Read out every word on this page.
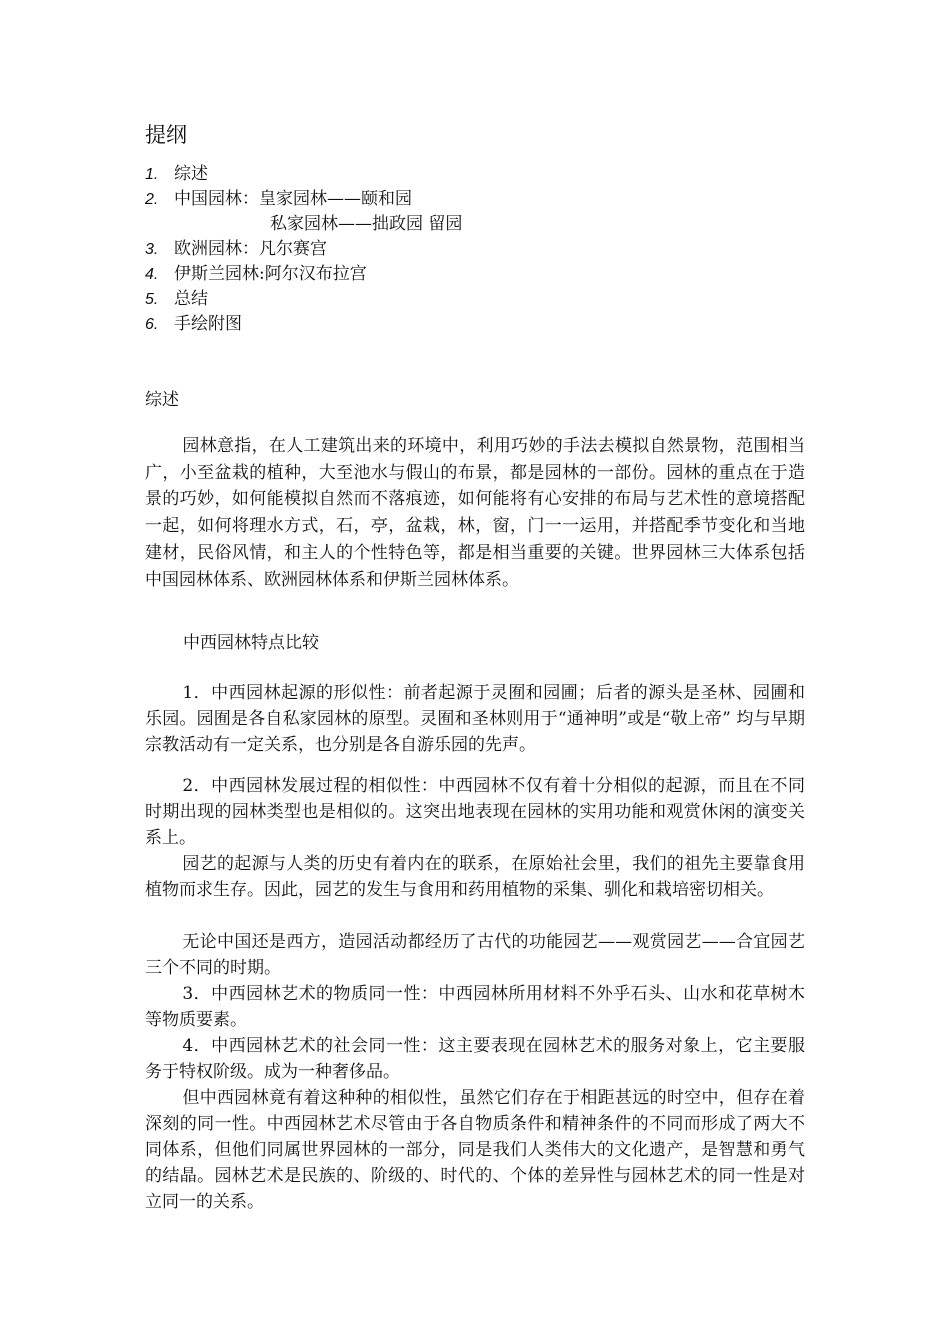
提纲
1. 综述
2. 中国园林：皇家园林——颐和园
私家园林——拙政园 留园
3. 欧洲园林：凡尔赛宫
4. 伊斯兰园林:阿尔汉布拉宫
5. 总结
6. 手绘附图
综述

园林意指，在人工建筑出来的环境中，利用巧妙的手法去模拟自然景物，范围相当广，小至盆栽的植种，大至池水与假山的布景，都是园林的一部份。园林的重点在于造景的巧妙，如何能模拟自然而不落痕迹，如何能将有心安排的布局与艺术性的意境搭配一起，如何将理水方式，石，亭，盆栽，林，窗，门一一运用，并搭配季节变化和当地建材，民俗风情，和主人的个性特色等，都是相当重要的关键。世界园林三大体系包括中国园林体系、欧洲园林体系和伊斯兰园林体系。

中西园林特点比较

1．中西园林起源的形似性：前者起源于灵囿和园圃；后者的源头是圣林、园圃和乐园。园囿是各自私家园林的原型。灵囿和圣林则用于“通神明”或是“敬上帝” 均与早期宗教活动有一定关系，也分别是各自游乐园的先声。

2．中西园林发展过程的相似性：中西园林不仅有着十分相似的起源，而且在不同时期出现的园林类型也是相似的。这突出地表现在园林的实用功能和观赏休闲的演变关系上。

园艺的起源与人类的历史有着内在的联系，在原始社会里，我们的祖先主要靠食用植物而求生存。因此，园艺的发生与食用和药用植物的采集、驯化和栽培密切相关。

无论中国还是西方，造园活动都经历了古代的功能园艺——观赏园艺——合宜园艺三个不同的时期。

3．中西园林艺术的物质同一性：中西园林所用材料不外乎石头、山水和花草树木等物质要素。

4．中西园林艺术的社会同一性：这主要表现在园林艺术的服务对象上，它主要服务于特权阶级。成为一种奢侈品。

但中西园林竟有着这种种的相似性，虽然它们存在于相距甚远的时空中，但存在着深刻的同一性。中西园林艺术尽管由于各自物质条件和精神条件的不同而形成了两大不同体系，但他们同属世界园林的一部分，同是我们人类伟大的文化遗产，是智慧和勇气的结晶。园林艺术是民族的、阶级的、时代的、个体的差异性与园林艺术的同一性是对立同一的关系。
